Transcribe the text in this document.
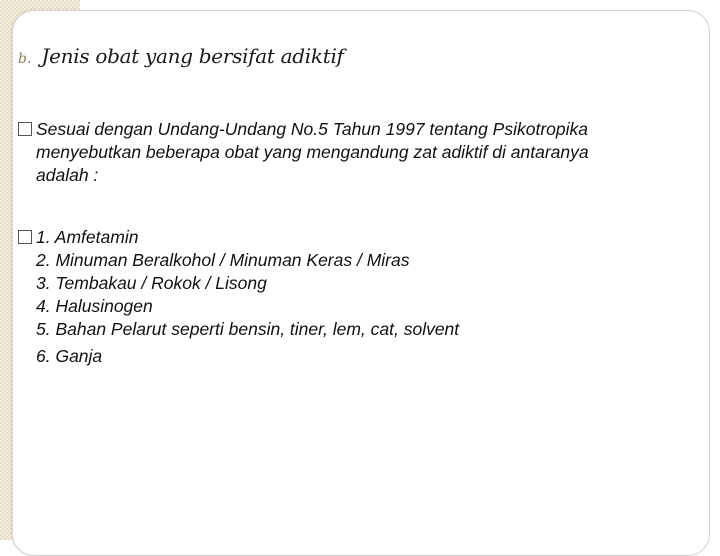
b. Jenis obat yang bersifat adiktif
Sesuai dengan Undang-Undang No.5 Tahun 1997 tentang Psikotropika
menyebutkan beberapa obat yang mengandung zat adiktif di antaranya
adalah :
1. Amfetamin
2. Minuman Beralkohol / Minuman Keras / Miras
3. Tembakau / Rokok / Lisong
4. Halusinogen
5. Bahan Pelarut seperti bensin, tiner, lem, cat, solvent
6. Ganja
